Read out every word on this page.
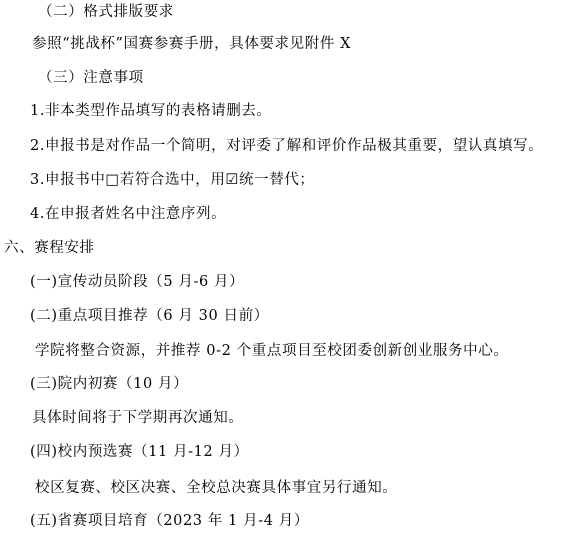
（二）格式排版要求
参照“挑战杯”国赛参赛手册，具体要求见附件 X
（三）注意事项
1.非本类型作品填写的表格请删去。
2.申报书是对作品一个简明，对评委了解和评价作品极其重要，望认真填写。
3.申报书中□若符合选中，用☑统一替代；
4.在申报者姓名中注意序列。
六、赛程安排
(一)宣传动员阶段（5 月-6 月）
(二)重点项目推荐（6 月 30 日前）
学院将整合资源，并推荐 0-2 个重点项目至校团委创新创业服务中心。
(三)院内初赛（10 月）
具体时间将于下学期再次通知。
(四)校内预选赛（11 月-12 月）
校区复赛、校区决赛、全校总决赛具体事宜另行通知。
(五)省赛项目培育（2023 年 1 月-4 月）
